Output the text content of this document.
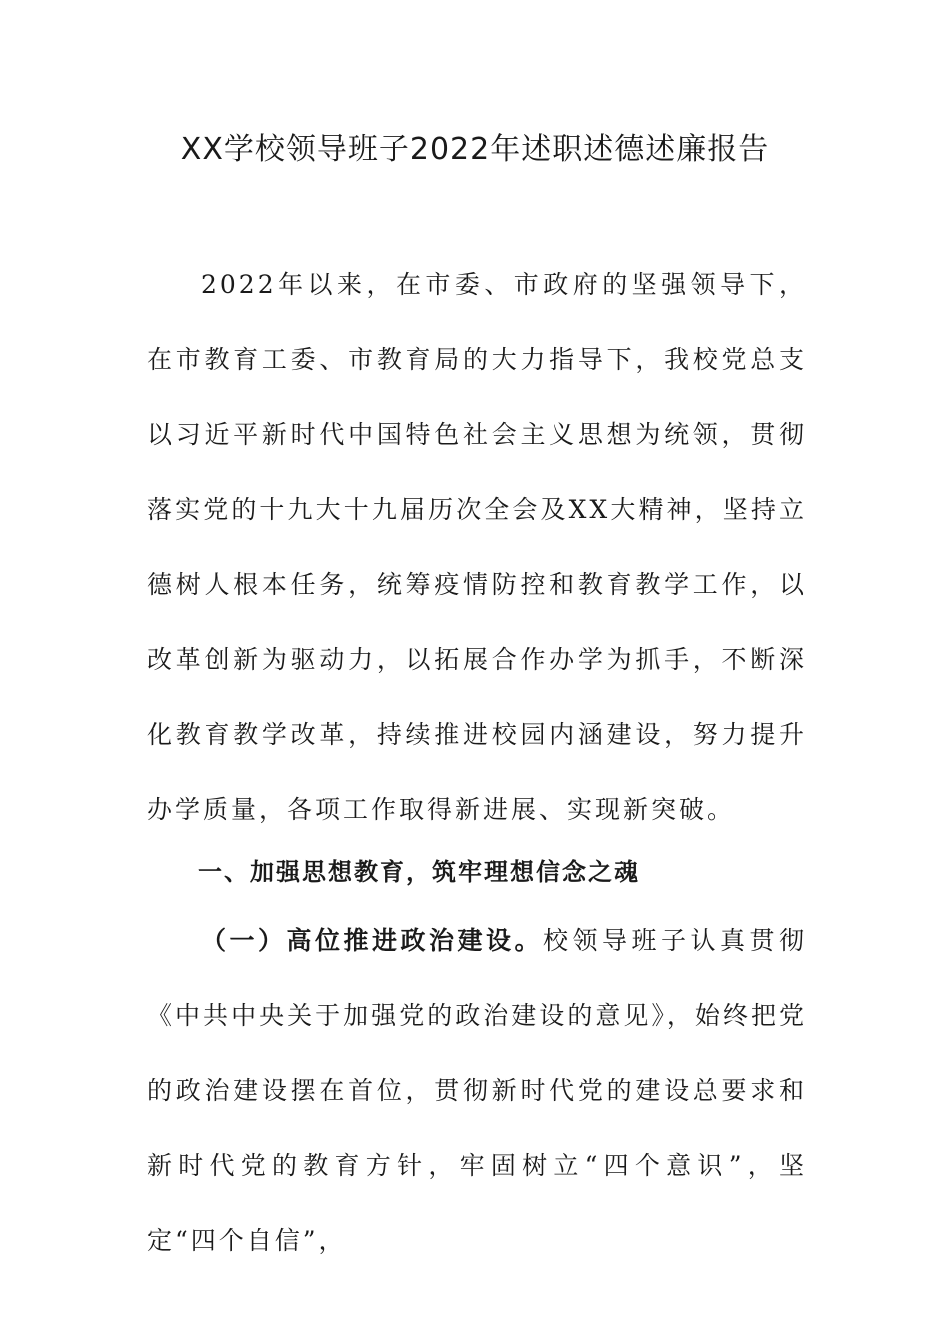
XX学校领导班子2022年述职述德述廉报告

2022年以来，在市委、市政府的坚强领导下，在市教育工委、市教育局的大力指导下，我校党总支以习近平新时代中国特色社会主义思想为统领，贯彻落实党的十九大十九届历次全会及XX大精神，坚持立德树人根本任务，统筹疫情防控和教育教学工作，以改革创新为驱动力，以拓展合作办学为抓手，不断深化教育教学改革，持续推进校园内涵建设，努力提升办学质量，各项工作取得新进展、实现新突破。

一、加强思想教育，筑牢理想信念之魂

（一）高位推进政治建设。校领导班子认真贯彻《中共中央关于加强党的政治建设的意见》，始终把党的政治建设摆在首位，贯彻新时代党的建设总要求和新时代党的教育方针，牢固树立“四个意识”，坚定“四个自信”，
